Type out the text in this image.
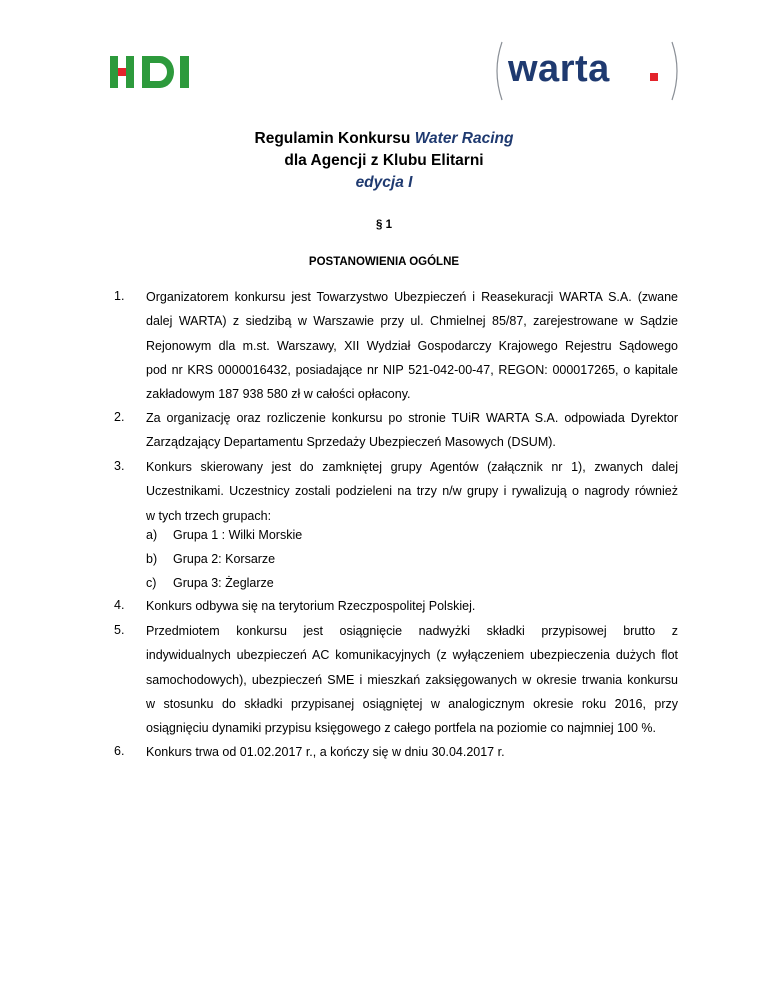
warta
Regulamin Konkursu Water Racing
dla Agencji z Klubu Elitarni
edycja I
§ 1
POSTANOWIENIA OGÓLNE
1. Organizatorem konkursu jest Towarzystwo Ubezpieczeń i Reasekuracji WARTA S.A. (zwane
dalej WARTA) z siedzibą w Warszawie przy ul. Chmielnej 85/87, zarejestrowane w Sądzie
Rejonowym dla m.st. Warszawy, XII Wydział Gospodarczy Krajowego Rejestru Sądowego
pod nr KRS 0000016432, posiadające nr NIP 521-042-00-47, REGON: 000017265, o kapitale
zakładowym 187 938 580 zł w całości opłacony.
2. Za organizację oraz rozliczenie konkursu po stronie TUiR WARTA S.A. odpowiada Dyrektor
Zarządzający Departamentu Sprzedaży Ubezpieczeń Masowych (DSUM).
3. Konkurs skierowany jest do zamkniętej grupy Agentów (załącznik nr 1), zwanych dalej
Uczestnikami. Uczestnicy zostali podzieleni na trzy n/w grupy i rywalizują o nagrody również
w tych trzech grupach:
a) Grupa 1 : Wilki Morskie
b) Grupa 2: Korsarze
c) Grupa 3: Żeglarze
4. Konkurs odbywa się na terytorium Rzeczpospolitej Polskiej.
5. Przedmiotem konkursu jest osiągnięcie nadwyżki składki przypisowej brutto z
indywidualnych ubezpieczeń AC komunikacyjnych (z wyłączeniem ubezpieczenia dużych flot
samochodowych), ubezpieczeń SME i mieszkań zaksięgowanych w okresie trwania konkursu
w stosunku do składki przypisanej osiągniętej w analogicznym okresie roku 2016, przy
osiągnięciu dynamiki przypisu księgowego z całego portfela na poziomie co najmniej 100 %.
6. Konkurs trwa od 01.02.2017 r., a kończy się w dniu 30.04.2017 r.
